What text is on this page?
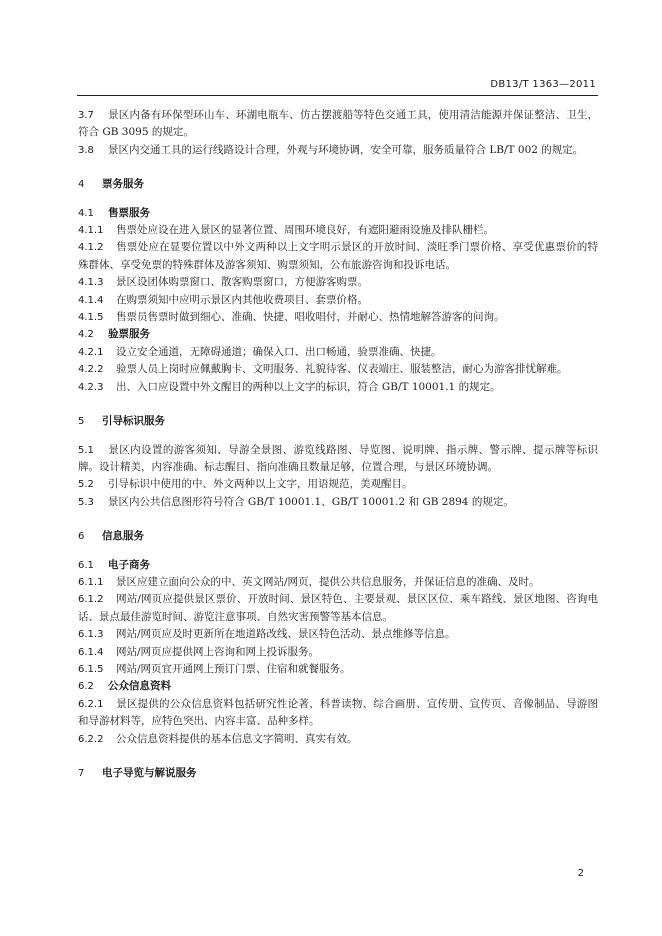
DB13/T 1363—2011

3.7 景区内备有环保型环山车、环湖电瓶车、仿古摆渡船等特色交通工具，使用清洁能源并保证整洁、卫生，符合 GB 3095 的规定。

3.8 景区内交通工具的运行线路设计合理，外观与环境协调，安全可靠，服务质量符合 LB/T 002 的规定。

4 票务服务

4.1 售票服务

4.1.1 售票处应设在进入景区的显著位置、周围环境良好，有遮阳避雨设施及排队栅栏。

4.1.2 售票处应在显要位置以中外文两种以上文字明示景区的开放时间、淡旺季门票价格、享受优惠票价的特殊群体、享受免票的特殊群体及游客须知、购票须知，公布旅游咨询和投诉电话。

4.1.3 景区设团体购票窗口、散客购票窗口，方便游客购票。

4.1.4 在购票须知中应明示景区内其他收费项目、套票价格。

4.1.5 售票员售票时做到细心、准确、快捷、唱收唱付，并耐心、热情地解答游客的问询。

4.2 验票服务

4.2.1 设立安全通道，无障碍通道；确保入口、出口畅通，验票准确、快捷。

4.2.2 验票人员上岗时应佩戴胸卡、文明服务、礼貌待客、仪表端庄、服装整洁，耐心为游客排忧解难。

4.2.3 出、入口应设置中外文醒目的两种以上文字的标识，符合 GB/T 10001.1 的规定。

5 引导标识服务

5.1 景区内设置的游客须知、导游全景图、游览线路图、导览图、说明牌、指示牌、警示牌、提示牌等标识牌。设计精美，内容准确、标志醒目、指向准确且数量足够，位置合理，与景区环境协调。

5.2 引导标识中使用的中、外文两种以上文字，用语规范，美观醒目。

5.3 景区内公共信息图形符号符合 GB/T 10001.1、GB/T 10001.2 和 GB 2894 的规定。

6 信息服务

6.1 电子商务

6.1.1 景区应建立面向公众的中、英文网站/网页，提供公共信息服务，并保证信息的准确、及时。

6.1.2 网站/网页应提供景区票价、开放时间、景区特色、主要景观、景区区位、乘车路线、景区地图、咨询电话、景点最佳游览时间、游览注意事项、自然灾害预警等基本信息。

6.1.3 网站/网页应及时更新所在地道路改线、景区特色活动、景点维修等信息。

6.1.4 网站/网页应提供网上咨询和网上投诉服务。

6.1.5 网站/网页宜开通网上预订门票、住宿和就餐服务。

6.2 公众信息资料

6.2.1 景区提供的公众信息资料包括研究性论著、科普读物、综合画册、宣传册、宣传页、音像制品、导游图和导游材料等，应特色突出、内容丰富、品种多样。

6.2.2 公众信息资料提供的基本信息文字简明、真实有效。

7 电子导览与解说服务

2
